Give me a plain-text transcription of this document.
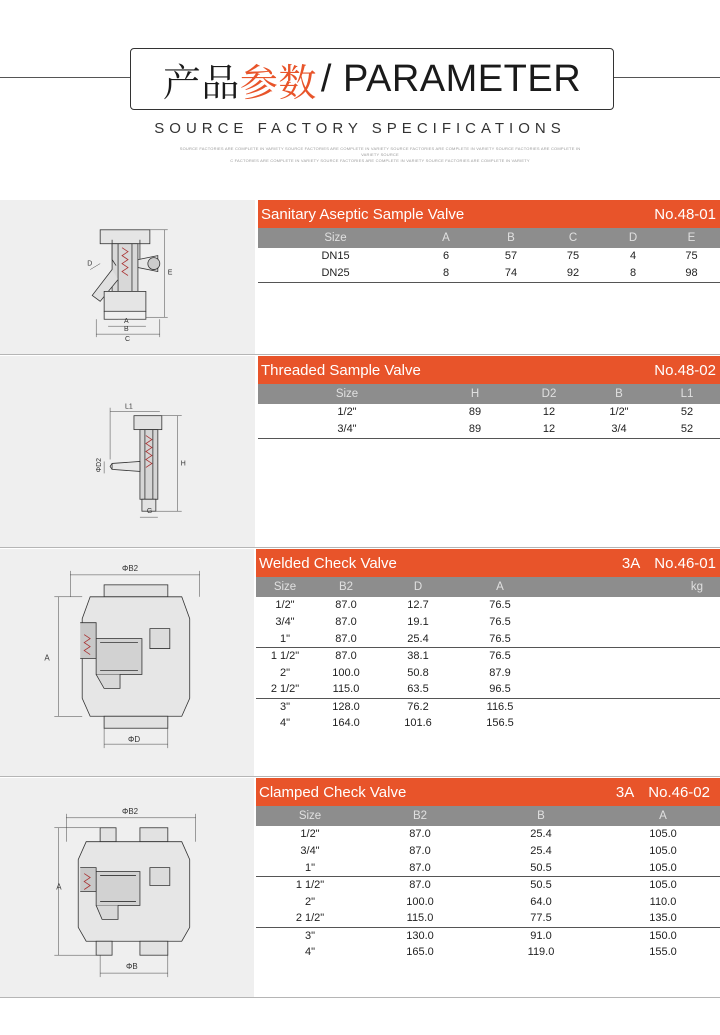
产品 参数 / PARAMETER
SOURCE FACTORY SPECIFICATIONS
SOURCE FACTORIES ARE COMPLETE IN VARIETY SOURCE FACTORIES ARE COMPLETE IN VARIETY SOURCE FACTORIES ARE COMPLETE IN VARIETY SOURCE FACTORIES ARE COMPLETE IN VARIETY SOURCE
C FACTORIES ARE COMPLETE IN VARIETY SOURCE FACTORIES ARE COMPLETE IN VARIETY SOURCE FACTORIES ARE COMPLETE IN VARIETY
D
E
A
B
C
Sanitary Aseptic Sample Valve	No.48-01
Size	A	B	C	D	E
DN15	6	57	75	4	75
DN25	8	74	92	8	98
L1
H
ΦD2
G
Threaded Sample Valve	No.48-02
Size	H	D2	B	L1
1/2"	89	12	1/2"	52
3/4"	89	12	3/4	52
ΦB2
A
ΦD
Welded Check Valve	3A No.46-01
Size	B2	D	A	kg
1/2"	87.0	12.7	76.5
3/4"	87.0	19.1	76.5
1"	87.0	25.4	76.5
1 1/2"	87.0	38.1	76.5
2"	100.0	50.8	87.9
2 1/2"	115.0	63.5	96.5
3"	128.0	76.2	116.5
4"	164.0	101.6	156.5
ΦB2
A
ΦB
Clamped Check Valve	3A No.46-02
Size	B2	B	A
1/2"	87.0	25.4	105.0
3/4"	87.0	25.4	105.0
1"	87.0	50.5	105.0
1 1/2"	87.0	50.5	105.0
2"	100.0	64.0	110.0
2 1/2"	115.0	77.5	135.0
3"	130.0	91.0	150.0
4"	165.0	119.0	155.0
